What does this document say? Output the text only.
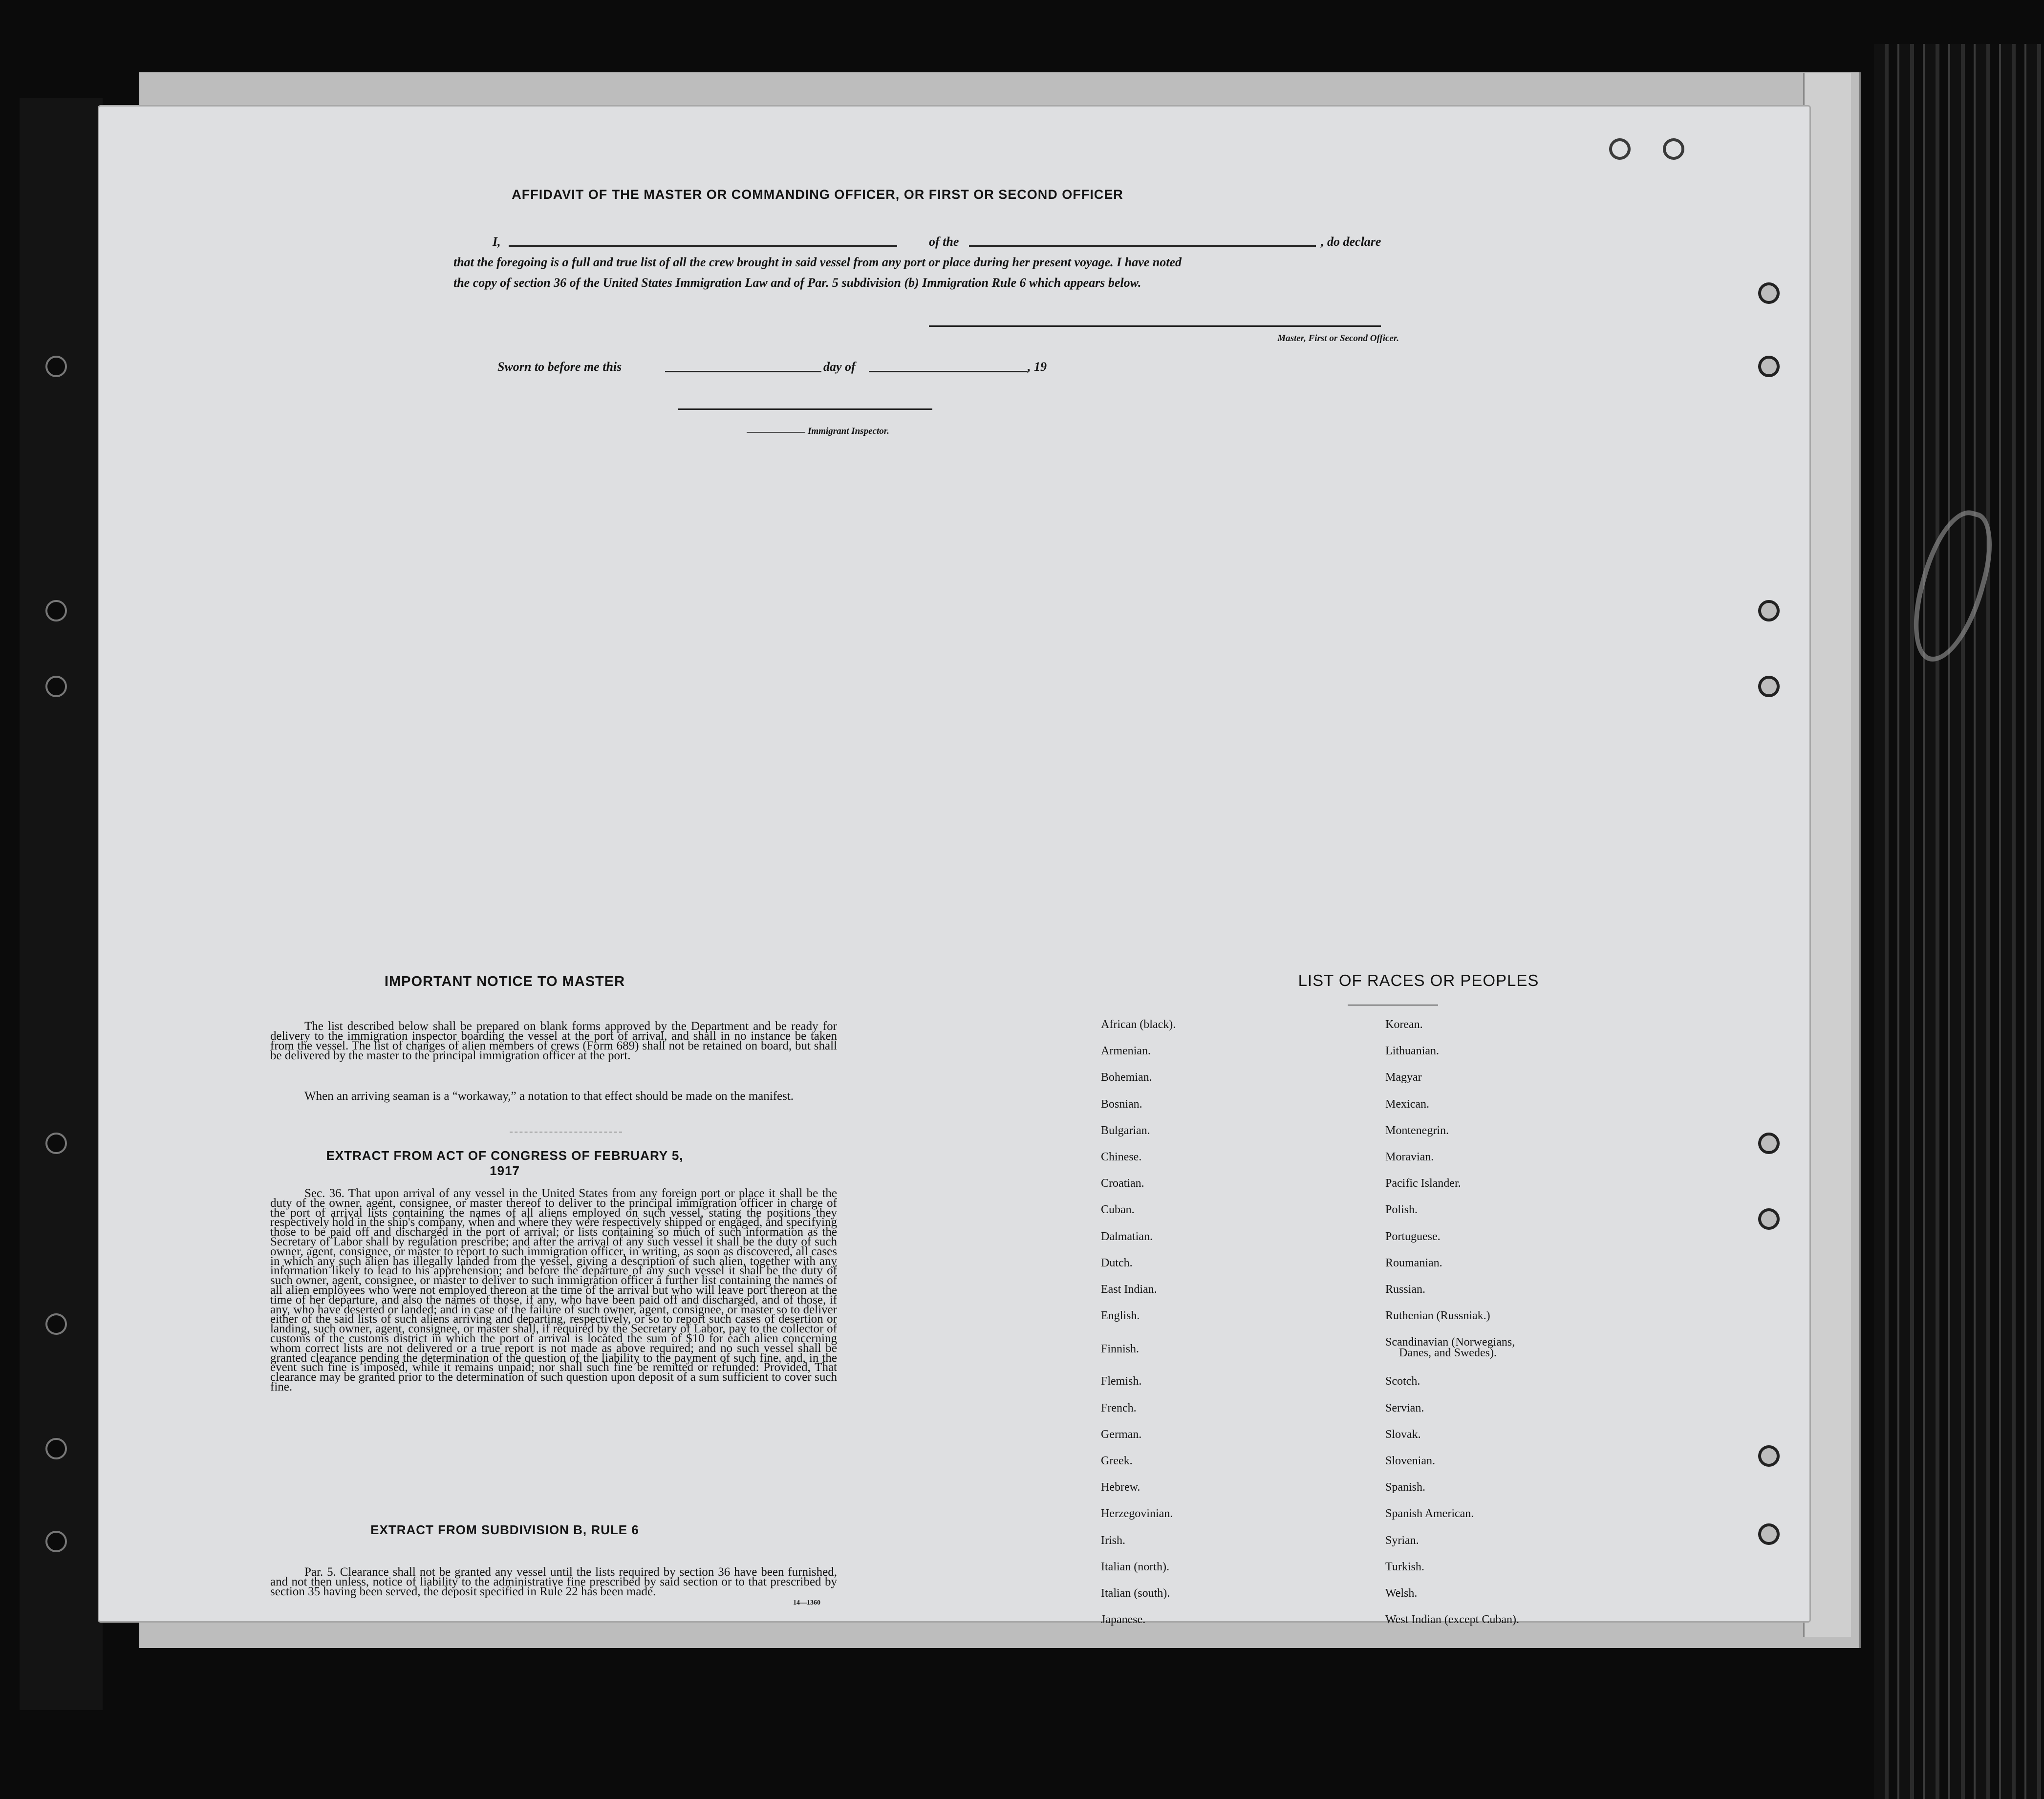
AFFIDAVIT OF THE MASTER OR COMMANDING OFFICER, OR FIRST OR SECOND OFFICER
I,	of the	, do declare
that the foregoing is a full and true list of all the crew brought in said vessel from any port or place during her present voyage. I have noted
the copy of section 36 of the United States Immigration Law and of Par. 5 subdivision (b) Immigration Rule 6 which appears below.
Master, First or Second Officer.
Sworn to before me this	day of	, 19
Immigrant Inspector.
IMPORTANT NOTICE TO MASTER

The list described below shall be prepared on blank forms approved by the Department and be ready for delivery to the immigration inspector boarding the vessel at the port of arrival, and shall in no instance be taken from the vessel. The list of changes of alien members of crews (Form 689) shall not be retained on board, but shall be delivered by the master to the principal immigration officer at the port.

When an arriving seaman is a “workaway,” a notation to that effect should be made on the manifest.

EXTRACT FROM ACT OF CONGRESS OF FEBRUARY 5, 1917

Sec. 36. That upon arrival of any vessel in the United States from any foreign port or place it shall be the duty of the owner, agent, consignee, or master thereof to deliver to the principal immigration officer in charge of the port of arrival lists containing the names of all aliens employed on such vessel, stating the positions they respectively hold in the ship's company, when and where they were respectively shipped or engaged, and specifying those to be paid off and discharged in the port of arrival; or lists containing so much of such information as the Secretary of Labor shall by regulation prescribe; and after the arrival of any such vessel it shall be the duty of such owner, agent, consignee, or master to report to such immigration officer, in writing, as soon as discovered, all cases in which any such alien has illegally landed from the vessel, giving a description of such alien, together with any information likely to lead to his apprehension; and before the departure of any such vessel it shall be the duty of such owner, agent, consignee, or master to deliver to such immigration officer a further list containing the names of all alien employees who were not employed thereon at the time of the arrival but who will leave port thereon at the time of her departure, and also the names of those, if any, who have been paid off and discharged, and of those, if any, who have deserted or landed; and in case of the failure of such owner, agent, consignee, or master so to deliver either of the said lists of such aliens arriving and departing, respectively, or so to report such cases of desertion or landing, such owner, agent, consignee, or master shall, if required by the Secretary of Labor, pay to the collector of customs of the customs district in which the port of arrival is located the sum of $10 for each alien concerning whom correct lists are not delivered or a true report is not made as above required; and no such vessel shall be granted clearance pending the determination of the question of the liability to the payment of such fine, and, in the event such fine is imposed, while it remains unpaid; nor shall such fine be remitted or refunded: Provided, That clearance may be granted prior to the determination of such question upon deposit of a sum sufficient to cover such fine.

EXTRACT FROM SUBDIVISION B, RULE 6

Par. 5. Clearance shall not be granted any vessel until the lists required by section 36 have been furnished, and not then unless, notice of liability to the administrative fine prescribed by said section or to that prescribed by section 35 having been served, the deposit specified in Rule 22 has been made.

14—1360
LIST OF RACES OR PEOPLES
African (black).
Armenian.
Bohemian.
Bosnian.
Bulgarian.
Chinese.
Croatian.
Cuban.
Dalmatian.
Dutch.
East Indian.
English.
Finnish.
Flemish.
French.
German.
Greek.
Hebrew.
Herzegovinian.
Irish.
Italian (north).
Italian (south).
Japanese.
Korean.
Lithuanian.
Magyar
Mexican.
Montenegrin.
Moravian.
Pacific Islander.
Polish.
Portuguese.
Roumanian.
Russian.
Ruthenian (Russniak.)
Scandinavian (Norwegians,
Scotch.
Servian.
Slovak.
Slovenian.
Spanish.
Spanish American.
Syrian.
Turkish.
Welsh.
West Indian (except Cuban).
Danes, and Swedes).
